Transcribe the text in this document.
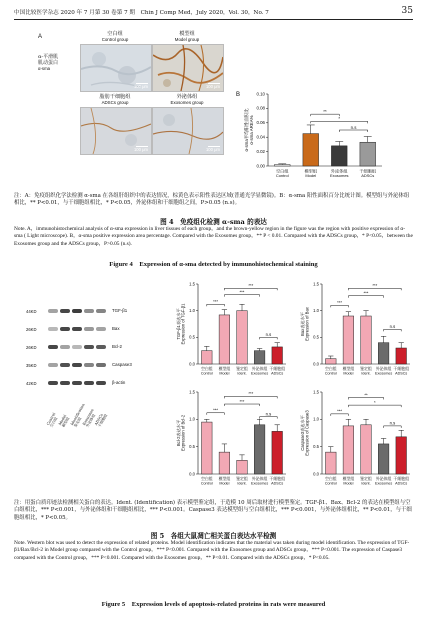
中国比较医学杂志 2020 年 7 月第 30 卷第 7 期　Chin J Comp Med，July 2020，Vol. 30，No. 7	35
A
α-平滑肌
肌动蛋白
α-sma
空白组
Control group
模型组
Model group
100 μm	100 μm
脂肪干细胞组
ADSCs group
外泌体组
Exosomes group
100 μm	100 μm
B
α-sma平均阳性面积比 α-sma AREA%
0.00
0.02
0.04
0.06
0.08
0.10
空白组
Control
模型组
Model
外泌体组
Exosomes
干细胞组
ADSCs
**
*
n.s
注：A：免疫组织化学法检测 α-sma 在各组肝组织中的表达情况，棕黄色表示阳性表达区域(普通光学显微镜)。B：α-sma 阳性面积百分比统计图。模型组与外泌体组相比，** P<0.01，与干细胞组相比，* P<0.05，外泌体组和干细胞组之间，P>0.05 (n.s)。
图 4　免疫组化检测 α-sma 的表达
Note. A，immunohistochemical analysis of α-sma expression in liver tissues of each group，and the brown-yellow region in the figure was the region with positive expression of α-sma ( Light microscope). B，α-sma positive expression area percentage. Compared with the Exosomes group，** P < 0.01. Compared with the ADSCs group，* P<0.05，between the Exosomes group and the ADSCs group，P>0.05 (n.s).
Figure 4　Expression of α-sma detected by immunohistochemical staining
44KD	TGF-β1
26KD	Bax
26KD	Bcl-2
35KD	Caspase3
42KD	β-actin
Control
空白组 Model
模型组 Identification
鉴定组 Exosomes
外泌体组
ADSCs
干细胞组
TGF-β1表达水平 Expression of TGF-β1
0.0
0.5
1.0
1.5
空白组
Control
模型组
Model
鉴定组
Ident.
外泌体组
Exosomes
干细胞组
ADSCs
***
***
***
n.s	Bax表达水平 Expression of Bax
0.0
0.5
1.0
1.5
空白组
Control
模型组
Model
鉴定组
Ident.
外泌体组
Exosomes
干细胞组
ADSCs
***
***
***
n.s
Bcl-2表达水平 Expression of Bcl-2
0.0
0.5
1.0
1.5
空白组
Control
模型组
Model
鉴定组
Ident.
外泌体组
Exosomes
干细胞组
ADSCs
***
***
***
n.s
Caspase3表达水平 Expression of Caspase3
0.0
0.5
1.0
1.5
空白组
Control
模型组
Model
鉴定组
Ident.
外泌体组
Exosomes
干细胞组
ADSCs
***
**
*
n.s
注：用蛋白质印迹法检测相关蛋白的表达。Ident. (Identification) 表示模型鉴定组，于造模 10 周后取材进行模型鉴定。TGF-β1、Bax、Bcl-2 的表达在模型组与空白组相比，*** P<0.001，与外泌体组和干细胞组相比，*** P<0.001。Caspase3 表达模型组与空白组相比，*** P<0.001，与外泌体组相比，** P<0.01，与干细胞组相比，* P<0.05。
图 5　各组大鼠凋亡相关蛋白表达水平检测
Note. Western blot was used to detect the expression of related proteins. Model identification indicates that the material was taken during model identification. The expression of TGF-β1/Bax/Bcl-2 in Model group compared with the Control group，*** P<0.001. Compared with the Exosomes group and ADSCs group，*** P<0.001. The expression of Caspase3 compared with the Control group，*** P<0.001. Compared with the Exosomes group，** P<0.01. Compared with the ADSCs group，* P<0.05.
Figure 5　Expression levels of apoptosis-related proteins in rats were measured
